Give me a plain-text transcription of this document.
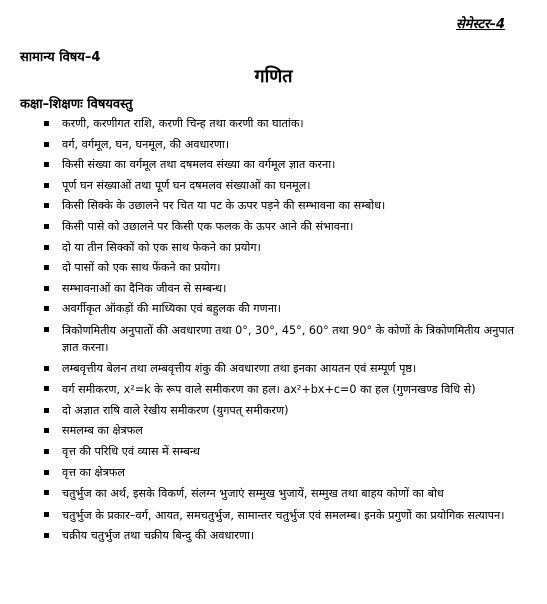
सेमेस्टर–4
सामान्य विषय–4
गणित
कक्षा–शिक्षणः विषयवस्तु
करणी, करणीगत राशि, करणी चिन्ह तथा करणी का घातांक।
वर्ग, वर्गमूल, घन, घनमूल, की अवधारणा।
किसी संख्या का वर्गमूल तथा दषमलव संख्या का वर्गमूल ज्ञात करना।
पूर्ण घन संख्याओं तथा पूर्ण घन दषमलव संख्याओं का घनमूल।
किसी सिक्के के उछालने पर चित या पट के ऊपर पड़ने की सम्भावना का सम्बोध।
किसी पासे को उछालने पर किसी एक फलक के ऊपर आने की संभावना।
दो या तीन सिक्कों को एक साथ फेकने का प्रयोग।
दो पासों को एक साथ फेंकने का प्रयोग।
सम्भावनाओं का दैनिक जीवन से सम्बन्ध।
अवर्गीकृत ऑकड़ों की माध्यिका एवं बहुलक की गणना।
त्रिकोणमितीय अनुपातों की अवधारणा तथा 0°, 30°, 45°, 60° तथा 90° के कोणों के त्रिकोणमितीय अनुपात ज्ञात करना।
लम्बवृत्तीय बेलन तथा लम्बवृत्तीय शंकु की अवधारणा तथा इनका आयतन एवं सम्पूर्ण पृष्ठ।
वर्ग समीकरण, x²=k के रूप वाले समीकरण का हल। ax²+bx+c=0 का हल (गुणनखण्ड विधि से)
दो अज्ञात राषि वाले रेखीय समीकरण (युगपत् समीकरण)
समलम्ब का क्षेत्रफल
वृत्त की परिधि एवं व्यास में सम्बन्ध
वृत्त का क्षेत्रफल
चतुर्भुज का अर्थ, इसके विकर्ण, संलग्न भुजाएं सम्मुख भुजायें, सम्मुख तथा बाहय कोणों का बोध
चतुर्भुज के प्रकार–वर्ग, आयत, समचतुर्भुज, सामान्तर चतुर्भुज एवं समलम्ब। इनके प्रगुणों का प्रयोगिक सत्यापन।
चक्रीय चतुर्भुज तथा चक्रीय बिन्दु की अवधारणा।
